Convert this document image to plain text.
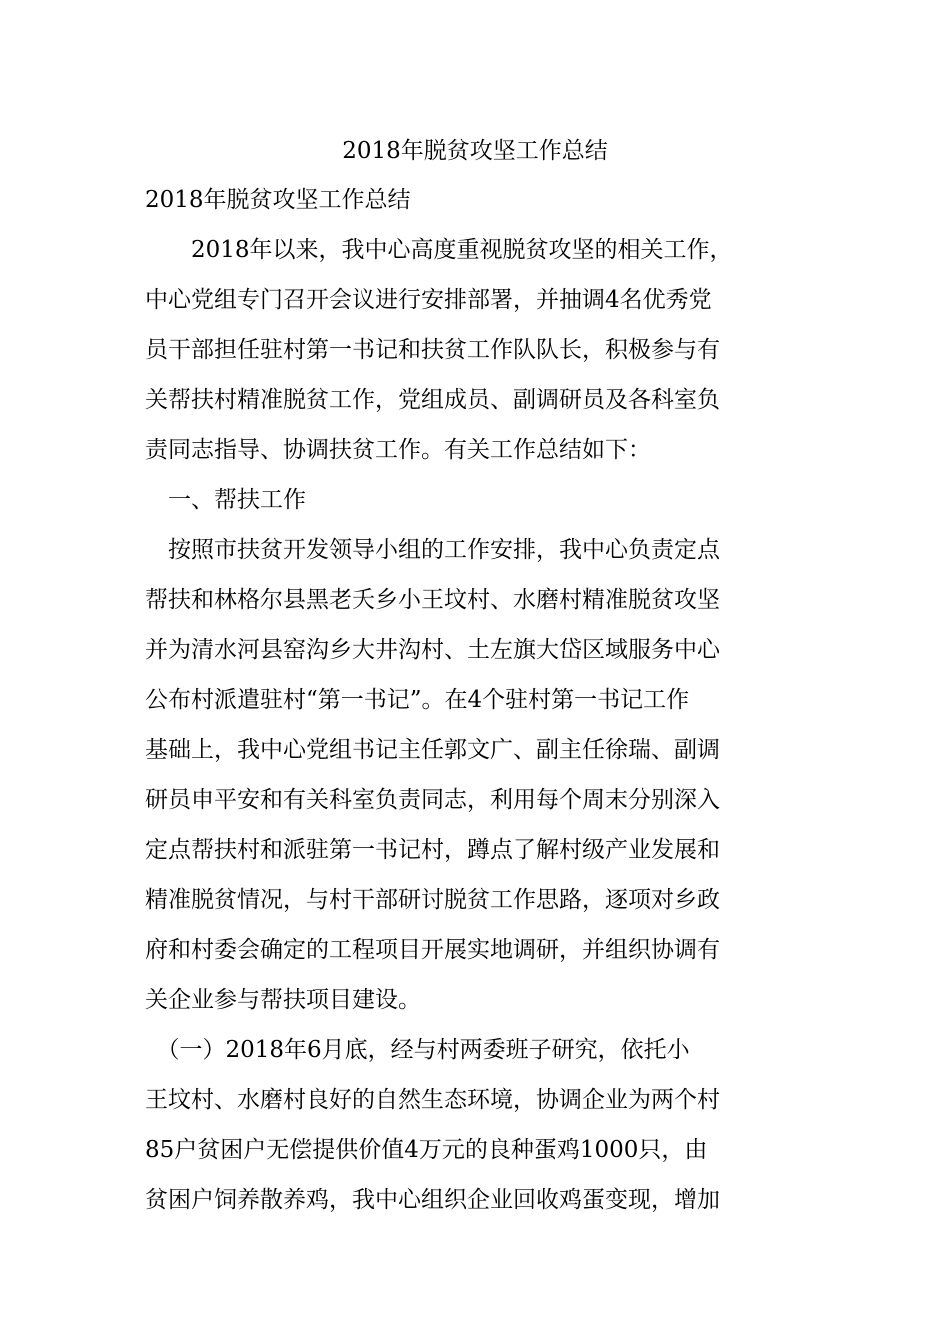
2018年脱贫攻坚工作总结
2018年脱贫攻坚工作总结
　　2018年以来，我中心高度重视脱贫攻坚的相关工作，
中心党组专门召开会议进行安排部署，并抽调4名优秀党
员干部担任驻村第一书记和扶贫工作队队长，积极参与有
关帮扶村精准脱贫工作，党组成员、副调研员及各科室负
责同志指导、协调扶贫工作。有关工作总结如下：
　一、帮扶工作
　按照市扶贫开发领导小组的工作安排，我中心负责定点
帮扶和林格尔县黑老夭乡小王坟村、水磨村精准脱贫攻坚
并为清水河县窑沟乡大井沟村、土左旗大岱区域服务中心
公布村派遣驻村“第一书记”。在4个驻村第一书记工作
基础上，我中心党组书记主任郭文广、副主任徐瑞、副调
研员申平安和有关科室负责同志，利用每个周末分别深入
定点帮扶村和派驻第一书记村，蹲点了解村级产业发展和
精准脱贫情况，与村干部研讨脱贫工作思路，逐项对乡政
府和村委会确定的工程项目开展实地调研，并组织协调有
关企业参与帮扶项目建设。
　（一）2018年6月底，经与村两委班子研究，依托小
王坟村、水磨村良好的自然生态环境，协调企业为两个村
85户贫困户无偿提供价值4万元的良种蛋鸡1000只，由
贫困户饲养散养鸡，我中心组织企业回收鸡蛋变现，增加
